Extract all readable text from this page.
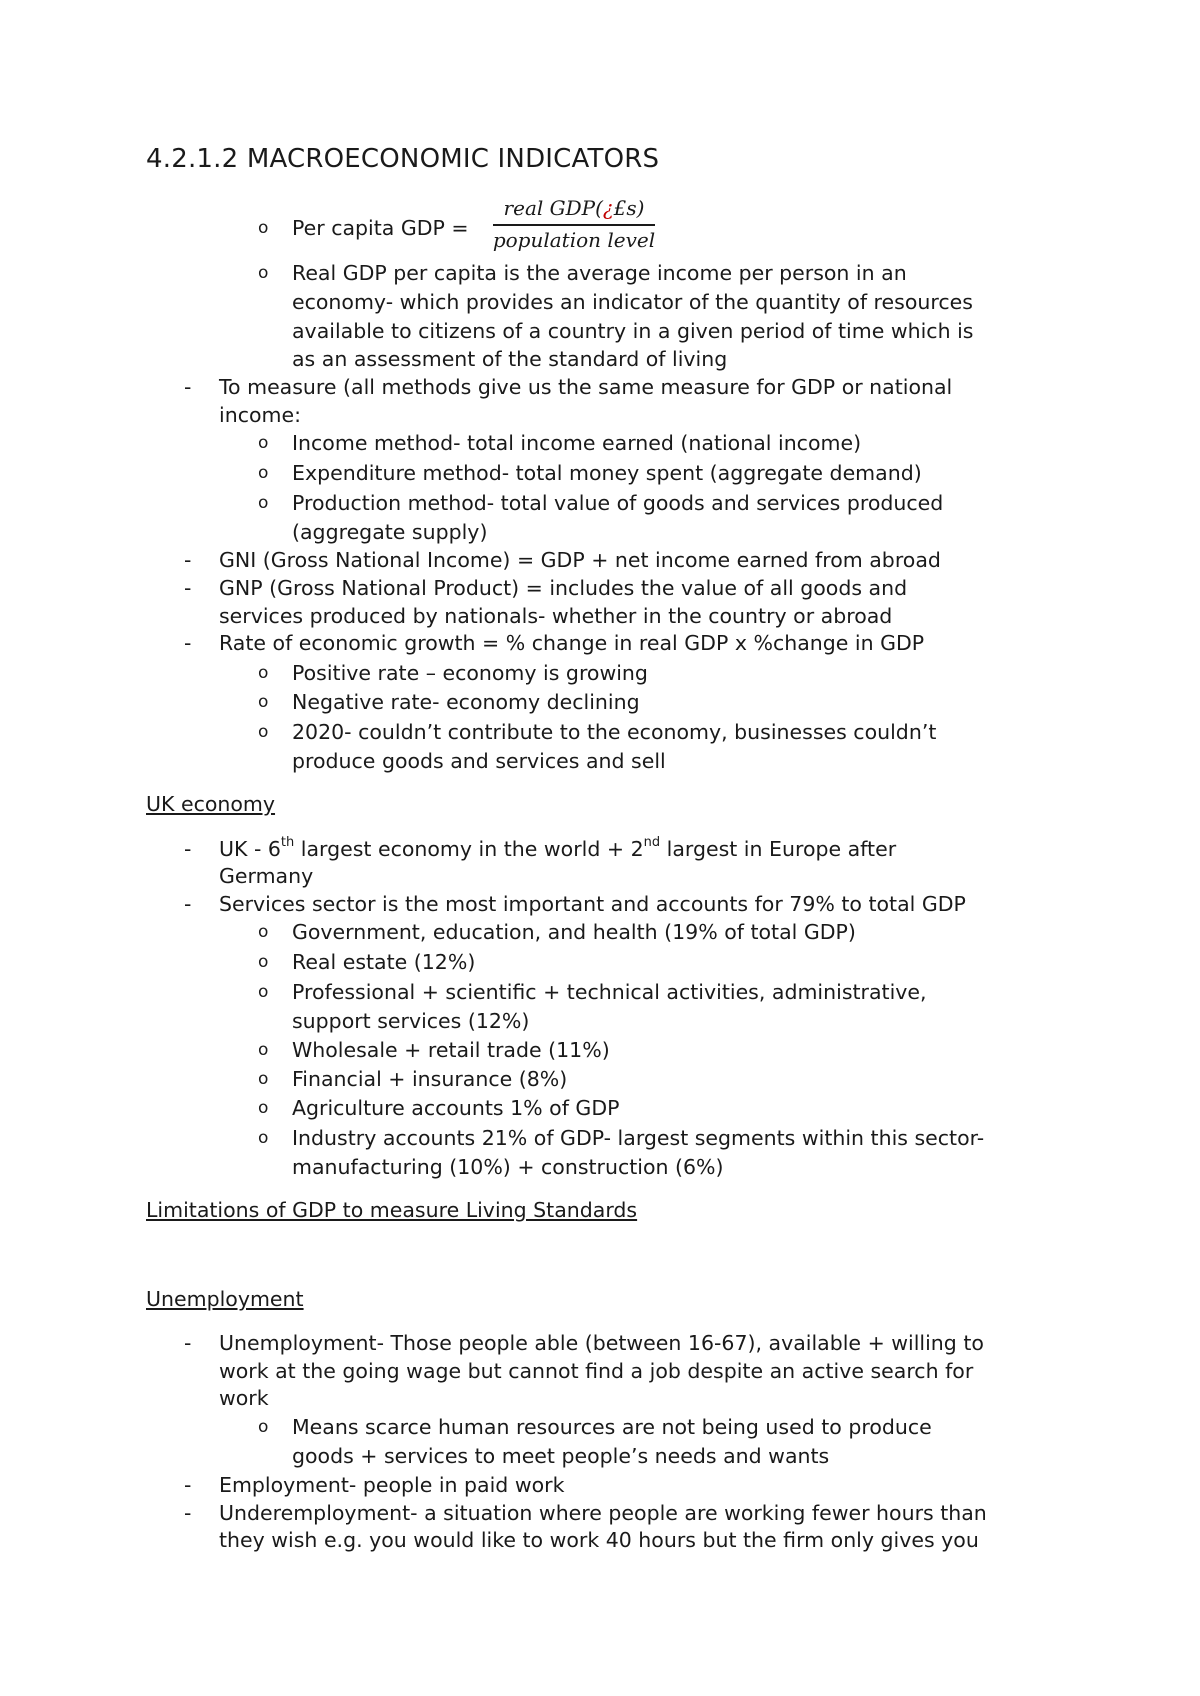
4.2.1.2 MACROECONOMIC INDICATORS
o Per capita GDP =
real GDP(¿£s)
population level
o Real GDP per capita is the average income per person in an
economy- which provides an indicator of the quantity of resources
available to citizens of a country in a given period of time which is
as an assessment of the standard of living
- To measure (all methods give us the same measure for GDP or national
income:
o Income method- total income earned (national income)
o Expenditure method- total money spent (aggregate demand)
o Production method- total value of goods and services produced
(aggregate supply)
- GNI (Gross National Income) = GDP + net income earned from abroad
- GNP (Gross National Product) = includes the value of all goods and
services produced by nationals- whether in the country or abroad
- Rate of economic growth = % change in real GDP x %change in GDP
o Positive rate – economy is growing
o Negative rate- economy declining
o 2020- couldn’t contribute to the economy, businesses couldn’t
produce goods and services and sell
UK economy
- UK - 6th largest economy in the world + 2nd largest in Europe after
Germany
- Services sector is the most important and accounts for 79% to total GDP
o Government, education, and health (19% of total GDP)
o Real estate (12%)
o Professional + scientific + technical activities, administrative,
support services (12%)
o Wholesale + retail trade (11%)
o Financial + insurance (8%)
o Agriculture accounts 1% of GDP
o Industry accounts 21% of GDP- largest segments within this sector-
manufacturing (10%) + construction (6%)
Limitations of GDP to measure Living Standards
Unemployment
- Unemployment- Those people able (between 16-67), available + willing to
work at the going wage but cannot find a job despite an active search for
work
o Means scarce human resources are not being used to produce
goods + services to meet people’s needs and wants
- Employment- people in paid work
- Underemployment- a situation where people are working fewer hours than
they wish e.g. you would like to work 40 hours but the firm only gives you
